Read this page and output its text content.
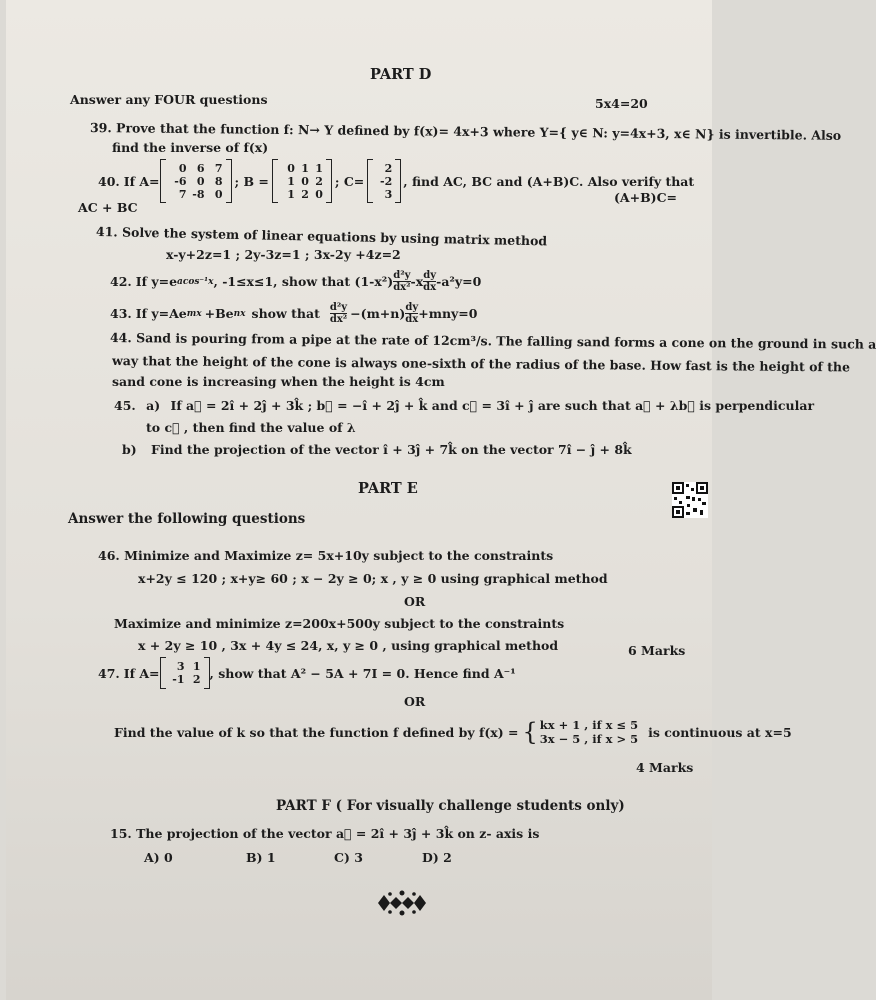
PART D
Answer any FOUR questions	5x4=20
39. Prove that the function f: N→ Y defined by f(x)= 4x+3 where Y={ y∈ N: y=4x+3, x∈ N} is invertible. Also
find the inverse of f(x)
40. If A=
0 6 7
-6 0 8
7 -8 0
; B =
0 1 1
1 0 2
1 2 0
; C=
2
-2
3
, find AC, BC and (A+B)C. Also verify that
(A+B)C=
AC + BC
41. Solve the system of linear equations by using matrix method
x-y+2z=1 ; 2y-3z=1 ; 3x-2y +4z=2
42. If y=e acos⁻¹x , -1≤x≤1, show that $(1-x^2) \frac{\text{d²y}}{\text{dx²}} -x \frac{dy}{dx} -a^2y=0$
43. If y=Ae mx +Be nx show that $\frac{\text{d²y}}{\text{dx²}} -(m+n) \frac{dy}{dx} +mny=0$
44. Sand is pouring from a pipe at the rate of 12cm³/s. The falling sand forms a cone on the ground in such a
way that the height of the cone is always one-sixth of the radius of the base. How fast is the height of the
sand cone is increasing when the height is 4cm
45. a) If a⃗ = 2î + 2ĵ + 3k̂ ; b⃗ = −î + 2ĵ + k̂ and c⃗ = 3î + ĵ are such that a⃗ + λb⃗ is perpendicular
to c⃗ , then find the value of λ
b) Find the projection of the vector î + 3ĵ + 7k̂ on the vector 7î − ĵ + 8k̂
PART E
Answer the following questions
46. Minimize and Maximize z= 5x+10y subject to the constraints
x+2y ≤ 120 ; x+y≥ 60 ; x − 2y ≥ 0; x , y ≥ 0 using graphical method
OR
Maximize and minimize z=200x+500y subject to the constraints
x + 2y ≥ 10 , 3x + 4y ≤ 24, x, y ≥ 0 , using graphical method	6 Marks
47. If A=	3 1
-1 2 , show that A² − 5A + 7I = 0. Hence find A⁻¹
OR
Find the value of k so that the function f defined by f(x) = { kx + 1 , if x ≤ 5
3x − 5 , if x > 5 is continuous at x=5
4 Marks
PART F ( For visually challenge students only)
15. The projection of the vector a⃗ = 2î + 3ĵ + 3k̂ on z- axis is
A) 0	B) 1	C) 3	D) 2
